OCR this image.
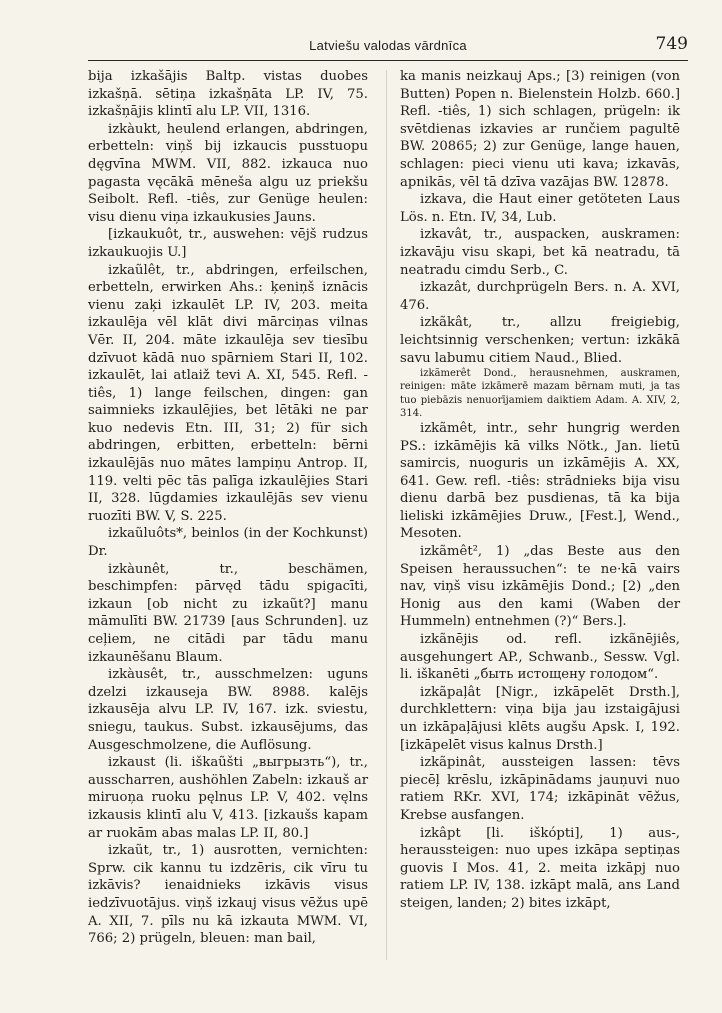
Latviešu valodas vārdnīca	749

bija izkašājis Baltp. vistas duobes izkašņā. sētiņa izkašņāta LP. IV, 75. izkašņājis klintī alu LP. VII, 1316.

izkàukt, heulend erlangen, abdringen, erbetteln: viņš bij izkaucis pusstuopu dęgvīna MWM. VII, 882. izkauca nuo pagasta vęcākā mēneša algu uz priekšu Seibolt. Refl. -tiês, zur Genüge heulen: visu dienu viņa izkaukusies Jauns.

[izkaukuôt, tr., auswehen: vējš rudzus izkaukuojis U.]

izkaũlêt, tr., abdringen, erfeilschen, erbetteln, erwirken Ahs.: ķeniņš iznācis vienu zaķi izkaulēt LP. IV, 203. meita izkaulēja vēl klāt divi mārciņas vilnas Vēr. II, 204. māte izkaulēja sev tiesību dzīvuot kādā nuo spārniem Stari II, 102. izkaulēt, lai atlaiž tevi A. XI, 545. Refl. -tiês, 1) lange feilschen, dingen: gan saimnieks izkaulējies, bet lētāki ne par kuo nedevis Etn. III, 31; 2) für sich abdringen, erbitten, erbetteln: bērni izkaulējās nuo mātes lampiņu Antrop. II, 119. velti pēc tās palīga izkaulējies Stari II, 328. lūgdamies izkaulējās sev vienu ruozīti BW. V, S. 225.

izkaũluôts*, beinlos (in der Kochkunst) Dr.

izkàunêt, tr., beschämen, beschimpfen: pārvęd tādu spigacīti, izkaun [ob nicht zu izkaũt?] manu māmulīti BW. 21739 [aus Schrunden]. uz ceļiem, ne citādi par tādu manu izkaunēšanu Blaum.

izkàusêt, tr., ausschmelzen: uguns dzelzi izkauseja BW. 8988. kalējs izkausēja alvu LP. IV, 167. izk. sviestu, sniegu, taukus. Subst. izkausējums, das Ausgeschmolzene, die Auflösung.

izkaust (li. iškaũšti „выгрызть“), tr., ausscharren, aushöhlen Zabeln: izkauš ar miruoņa ruoku pęlnus LP. V, 402. vęlns izkausis klintī alu V, 413. [izkaušs kapam ar ruokām abas malas LP. II, 80.]

izkaũt, tr., 1) ausrotten, vernichten: Sprw. cik kannu tu izdzēris, cik vīru tu izkāvis? ienaidnieks izkāvis visus iedzīvuotājus. viņš izkauj visus vēžus upē A. XII, 7. pīls nu kā izkauta MWM. VI, 766; 2) prügeln, bleuen: man bail,

ka manis neizkauj Aps.; [3) reinigen (von Butten) Popen n. Bielenstein Holzb. 660.] Refl. -tiês, 1) sich schlagen, prügeln: ik svētdienas izkavies ar runčiem pagultē BW. 20865; 2) zur Genüge, lange hauen, schlagen: pieci vienu uti kava; izkavās, apnikās, vēl tā dzīva vazājas BW. 12878.

izkava, die Haut einer getöteten Laus Lös. n. Etn. IV, 34, Lub.

izkavât, tr., auspacken, auskramen: izkavāju visu skapi, bet kā neatradu, tā neatradu cimdu Serb., C.

izkazât, durchprügeln Bers. n. A. XVI, 476.

izkãkât, tr., allzu freigiebig, leichtsinnig verschenken; vertun: izkākā savu labumu citiem Naud., Blied.

izkãmerêt Dond., herausnehmen, auskramen, reinigen: māte izkāmerē mazam bērnam muti, ja tas tuo piebāzis nenuorījamiem daiktiem Adam. A. XIV, 2, 314.

izkãmêt, intr., sehr hungrig werden PS.: izkāmējis kā vilks Nötk., Jan. lietū samircis, nuoguris un izkāmējis A. XX, 641. Gew. refl. -tiês: strādnieks bija visu dienu darbā bez pusdienas, tā ka bija lieliski izkāmējies Druw., [Fest.], Wend., Mesoten.

izkãmêt², 1) „das Beste aus den Speisen heraussuchen“: te ne·kā vairs nav, viņš visu izkāmējis Dond.; [2) „den Honig aus den kami (Waben der Hummeln) entnehmen (?)“ Bers.].

izkãnējis od. refl. izkãnējiês, ausgehungert AP., Schwanb., Sessw. Vgl. li. iškanēti „быть истощену голодом“.

izkãpaļât [Nigr., izkāpelēt Drsth.], durchklettern: viņa bija jau izstaigājusi un izkāpaļājusi klēts augšu Apsk. I, 192. [izkāpelēt visus kalnus Drsth.]

izkãpinât, aussteigen lassen: tēvs piecēļ krēslu, izkāpinādams jauņuvi nuo ratiem RKr. XVI, 174; izkāpināt vēžus, Krebse ausfangen.

izkâpt [li. iškópti], 1) aus-, heraussteigen: nuo upes izkāpa septiņas guovis I Mos. 41, 2. meita izkāpj nuo ratiem LP. IV, 138. izkāpt malā, ans Land steigen, landen; 2) bites izkāpt,
